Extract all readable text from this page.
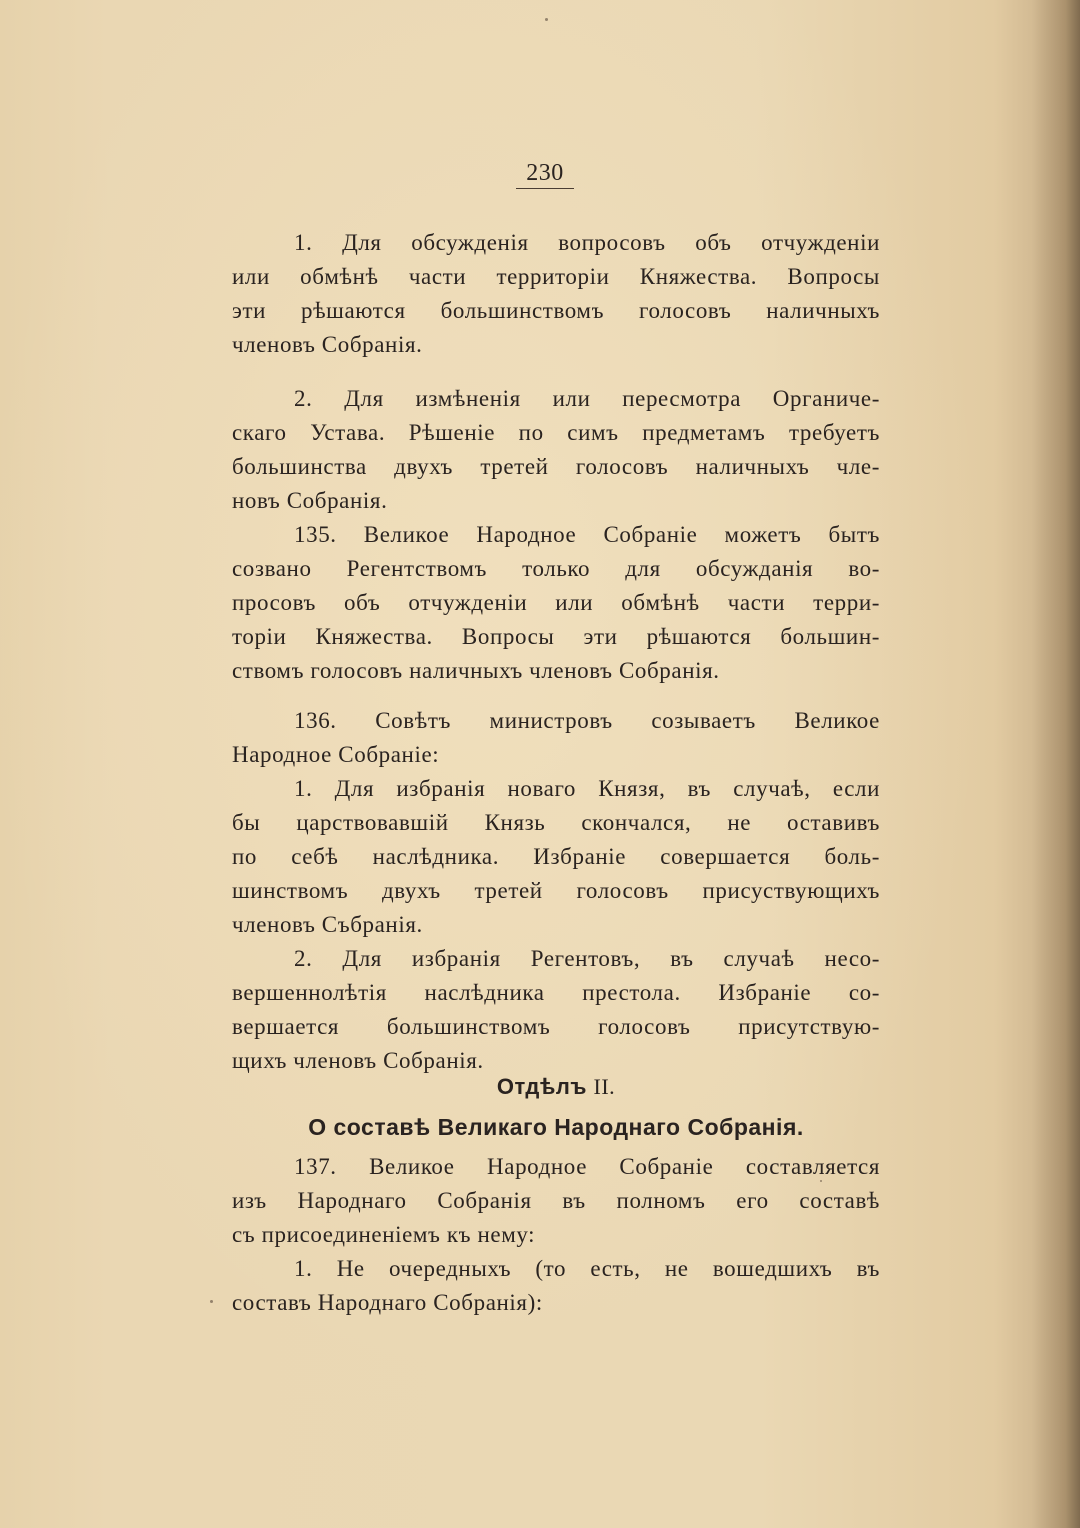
230
1. Для обсужденія вопросовъ объ отчужденіи
или обмѣнѣ части территоріи Княжества. Вопросы
эти рѣшаются большинствомъ голосовъ наличныхъ
членовъ Собранія.
2. Для измѣненія или пересмотра Органиче-
скаго Устава. Рѣшеніе по симъ предметамъ требуетъ
большинства двухъ третей голосовъ наличныхъ чле-
новъ Собранія.
135. Великое Народное Собраніе можетъ бытъ
созвано Регентствомъ только для обсужданія во-
просовъ объ отчужденіи или обмѣнѣ части терри-
торіи Княжества. Вопросы эти рѣшаются большин-
ствомъ голосовъ наличныхъ членовъ Собранія.
136. Совѣтъ министровъ созываетъ Великое
Народное Собраніе:
1. Для избранія новаго Князя, въ случаѣ, если
бы царствовавшій Князь скончался, не оставивъ
по себѣ наслѣдника. Избраніе совершается боль-
шинствомъ двухъ третей голосовъ присуствующихъ
членовъ Събранія.
2. Для избранія Регентовъ, въ случаѣ несо-
вершеннолѣтія наслѣдника престола. Избраніе со-
вершается большинствомъ голосовъ присутствую-
щихъ членовъ Собранія.
Отдѣлъ II.
О составѣ Великаго Народнаго Собранія.
137. Великое Народное Собраніе составляется
изъ Народнаго Собранія въ полномъ его составѣ
съ присоединеніемъ къ нему:
1. Не очередныхъ (то есть, не вошедшихъ въ
составъ Народнаго Собранія):
